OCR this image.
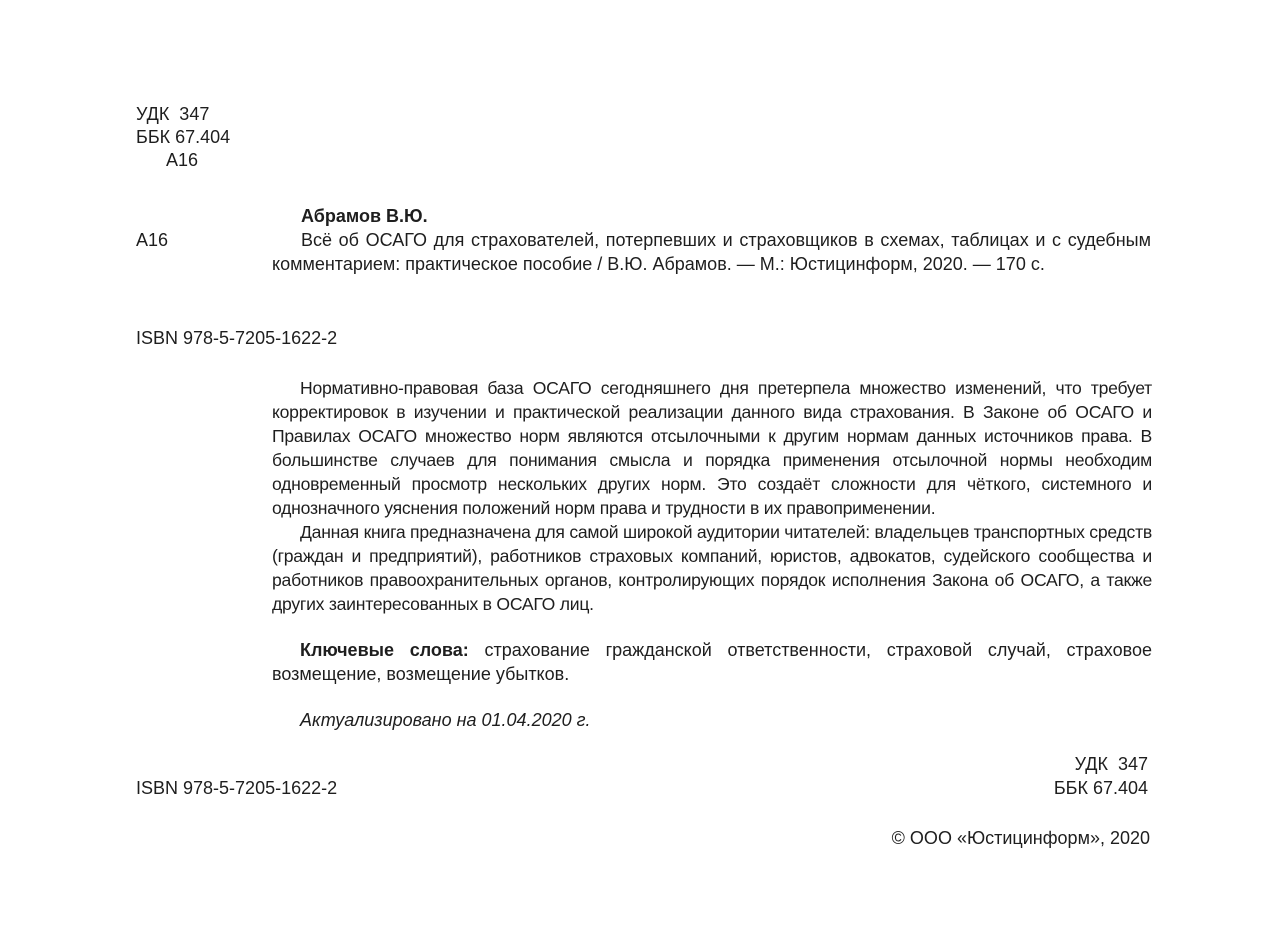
УДК  347
ББК 67.404
А16
Абрамов В.Ю.
А16	Всё об ОСАГО для страхователей, потерпевших и страховщиков в схемах, таблицах и с судебным комментарием: практическое пособие / В.Ю. Абрамов. — М.: Юстицинформ, 2020. — 170 с.
ISBN 978-5-7205-1622-2

Нормативно-правовая база ОСАГО сегодняшнего дня претерпела множество изменений, что требует корректировок в изучении и практической реализации данного вида страхования. В Законе об ОСАГО и Правилах ОСАГО множество норм являются отсылочными к другим нормам данных источников права. В большинстве случаев для понимания смысла и порядка применения отсылочной нормы необходим одновременный просмотр нескольких других норм. Это создаёт сложности для чёткого, системного и однозначного уяснения положений норм права и трудности в их правоприменении.

Данная книга предназначена для самой широкой аудитории читателей: владельцев транспортных средств (граждан и предприятий), работников страховых компаний, юристов, адвокатов, судейского сообщества и работников правоохранительных органов, контролирующих порядок исполнения Закона об ОСАГО, а также других заинтересованных в ОСАГО лиц.

Ключевые слова: страхование гражданской ответственности, страховой случай, страховое возмещение, возмещение убытков.

Актуализировано на 01.04.2020 г.
УДК  347
ББК 67.404
ISBN 978-5-7205-1622-2
© ООО «Юстицинформ», 2020
